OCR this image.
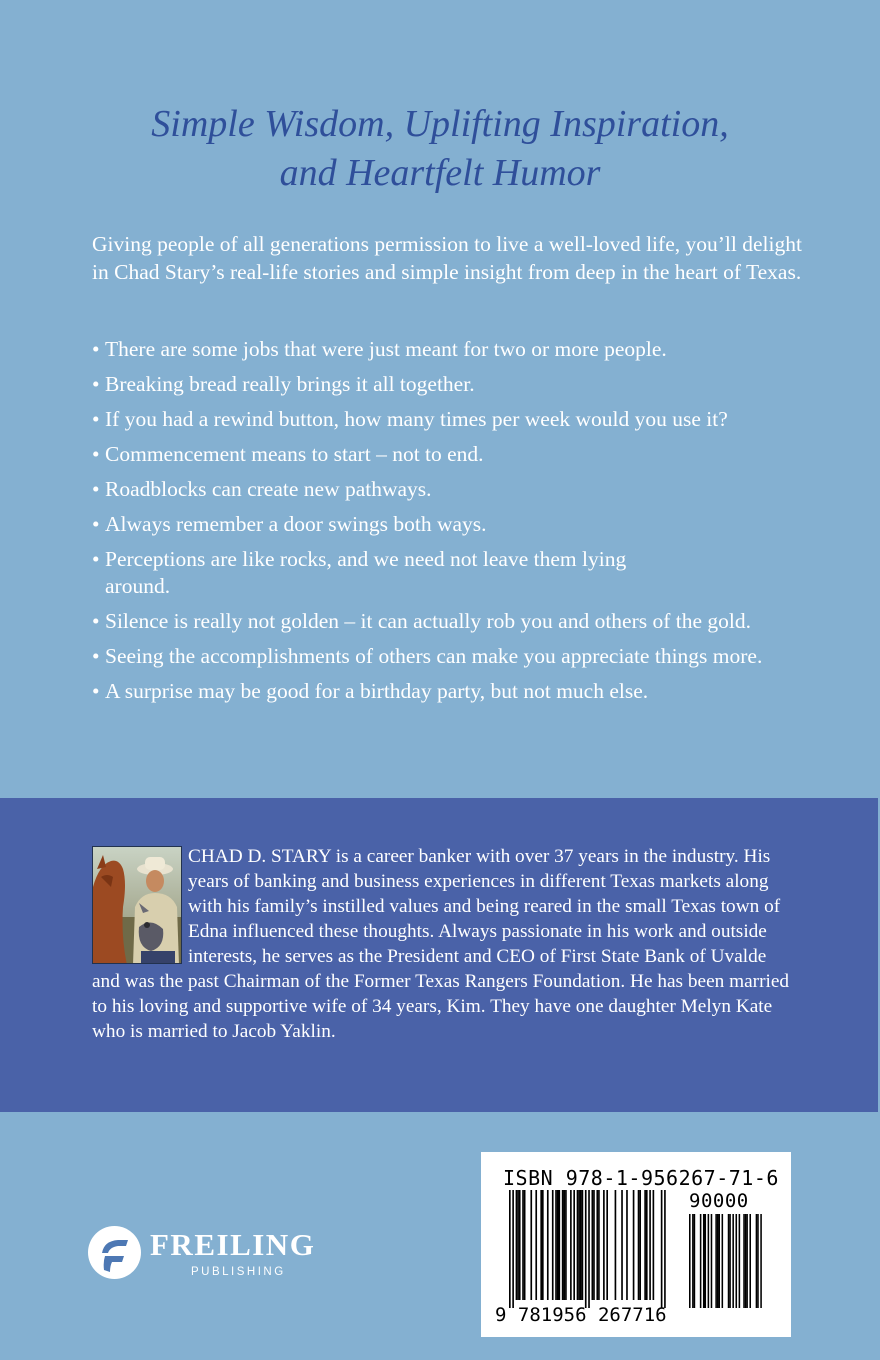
Simple Wisdom, Uplifting Inspiration,
and Heartfelt Humor
Giving people of all generations permission to live a well-loved life, you’ll delight in Chad Stary’s real-life stories and simple insight from deep in the heart of Texas.
• There are some jobs that were just meant for two or more people.
• Breaking bread really brings it all together.
• If you had a rewind button, how many times per week would you use it?
• Commencement means to start – not to end.
• Roadblocks can create new pathways.
• Always remember a door swings both ways.
• Perceptions are like rocks, and we need not leave them lying around.
• Silence is really not golden – it can actually rob you and others of the gold.
• Seeing the accomplishments of others can make you appreciate things more.
• A surprise may be good for a birthday party, but not much else.
CHAD D. STARY is a career banker with over 37 years in the industry. His years of banking and business experiences in different Texas markets along with his family’s instilled values and being reared in the small Texas town of Edna influenced these thoughts. Always passionate in his work and outside interests, he serves as the President and CEO of First State Bank of Uvalde and was the past Chairman of the Former Texas Rangers Foundation. He has been married to his loving and supportive wife of 34 years, Kim. They have one daughter Melyn Kate who is married to Jacob Yaklin.
FREILING
PUBLISHING
ISBN 978-1-956267-71-6
90000
9 781956 267716
